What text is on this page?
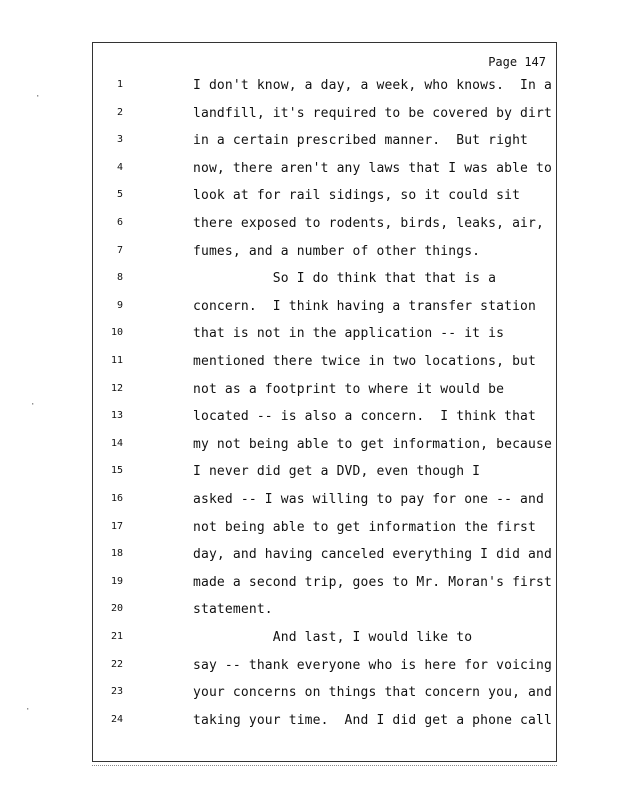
Page 147
1	I don't know, a day, a week, who knows.  In a
2	landfill, it's required to be covered by dirt
3	in a certain prescribed manner.  But right
4	now, there aren't any laws that I was able to
5	look at for rail sidings, so it could sit
6	there exposed to rodents, birds, leaks, air,
7	fumes, and a number of other things.
8	So I do think that that is a
9	concern.  I think having a transfer station
10	that is not in the application -- it is
11	mentioned there twice in two locations, but
12	not as a footprint to where it would be
13	located -- is also a concern.  I think that
14	my not being able to get information, because
15	I never did get a DVD, even though I
16	asked -- I was willing to pay for one -- and
17	not being able to get information the first
18	day, and having canceled everything I did and
19	made a second trip, goes to Mr. Moran's first
20	statement.
21	And last, I would like to
22	say -- thank everyone who is here for voicing
23	your concerns on things that concern you, and
24	taking your time.  And I did get a phone call
·
·
·
